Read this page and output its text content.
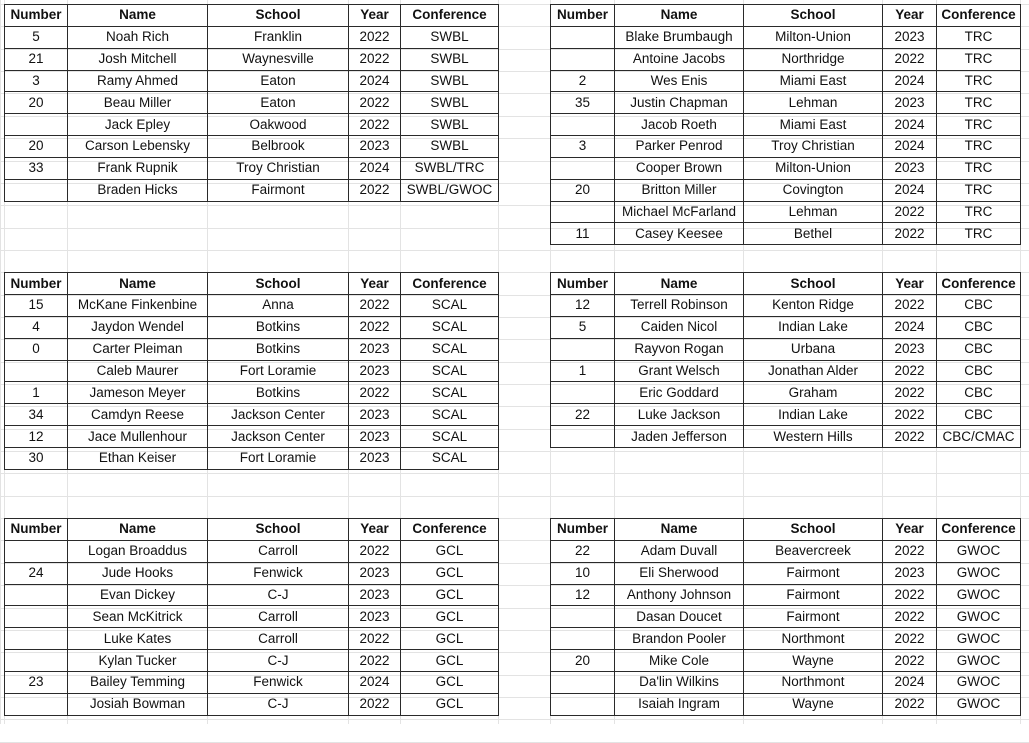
Number	Name	School	Year	Conference
5	Noah Rich	Franklin	2022	SWBL
21	Josh Mitchell	Waynesville	2022	SWBL
3	Ramy Ahmed	Eaton	2024	SWBL
20	Beau Miller	Eaton	2022	SWBL
	Jack Epley	Oakwood	2022	SWBL
20	Carson Lebensky	Belbrook	2023	SWBL
33	Frank Rupnik	Troy Christian	2024	SWBL/TRC
	Braden Hicks	Fairmont	2022	SWBL/GWOC
Number	Name	School	Year	Conference
	Blake Brumbaugh	Milton-Union	2023	TRC
	Antoine Jacobs	Northridge	2022	TRC
2	Wes Enis	Miami East	2024	TRC
35	Justin Chapman	Lehman	2023	TRC
	Jacob Roeth	Miami East	2024	TRC
3	Parker Penrod	Troy Christian	2024	TRC
	Cooper Brown	Milton-Union	2023	TRC
20	Britton Miller	Covington	2024	TRC
	Michael McFarland	Lehman	2022	TRC
11	Casey Keesee	Bethel	2022	TRC
Number	Name	School	Year	Conference
15	McKane Finkenbine	Anna	2022	SCAL
4	Jaydon Wendel	Botkins	2022	SCAL
0	Carter Pleiman	Botkins	2023	SCAL
	Caleb Maurer	Fort Loramie	2023	SCAL
1	Jameson Meyer	Botkins	2022	SCAL
34	Camdyn Reese	Jackson Center	2023	SCAL
12	Jace Mullenhour	Jackson Center	2023	SCAL
30	Ethan Keiser	Fort Loramie	2023	SCAL
Number	Name	School	Year	Conference
12	Terrell Robinson	Kenton Ridge	2022	CBC
5	Caiden Nicol	Indian Lake	2024	CBC
	Rayvon Rogan	Urbana	2023	CBC
1	Grant Welsch	Jonathan Alder	2022	CBC
	Eric Goddard	Graham	2022	CBC
22	Luke Jackson	Indian Lake	2022	CBC
	Jaden Jefferson	Western Hills	2022	CBC/CMAC
Number	Name	School	Year	Conference
	Logan Broaddus	Carroll	2022	GCL
24	Jude Hooks	Fenwick	2023	GCL
	Evan Dickey	C-J	2023	GCL
	Sean McKitrick	Carroll	2023	GCL
	Luke Kates	Carroll	2022	GCL
	Kylan Tucker	C-J	2022	GCL
23	Bailey Temming	Fenwick	2024	GCL
	Josiah Bowman	C-J	2022	GCL
Number	Name	School	Year	Conference
22	Adam Duvall	Beavercreek	2022	GWOC
10	Eli Sherwood	Fairmont	2023	GWOC
12	Anthony Johnson	Fairmont	2022	GWOC
	Dasan Doucet	Fairmont	2022	GWOC
	Brandon Pooler	Northmont	2022	GWOC
20	Mike Cole	Wayne	2022	GWOC
	Da'lin Wilkins	Northmont	2024	GWOC
	Isaiah Ingram	Wayne	2022	GWOC
